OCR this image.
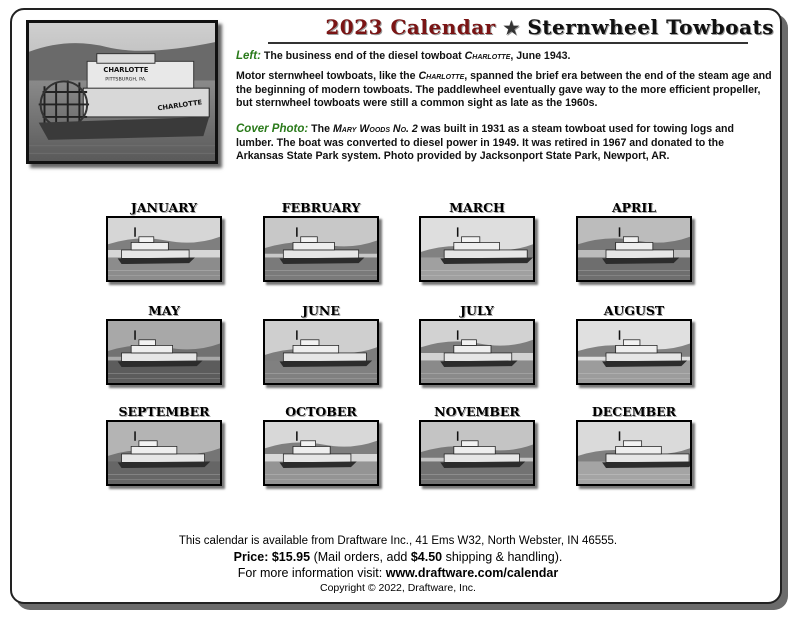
CHARLOTTE
PITTSBURGH, PA.
CHARLOTTE
2023 Calendar ★ Sternwheel Towboats
Left: The business end of the diesel towboat Charlotte, June 1943.
Motor sternwheel towboats, like the Charlotte, spanned the brief era between the end of the steam age and the beginning of modern towboats. The paddlewheel eventually gave way to the more efficient propeller, but sternwheel towboats were still a common sight as late as the 1960s.
Cover Photo: The Mary Woods No. 2 was built in 1931 as a steam towboat used for towing logs and lumber. The boat was converted to diesel power in 1949. It was retired in 1967 and donated to the Arkansas State Park system. Photo provided by Jacksonport State Park, Newport, AR.
JANUARY	FEBRUARY	MARCH	APRIL
MAY	JUNE	JULY	AUGUST
SEPTEMBER	OCTOBER	NOVEMBER	DECEMBER
This calendar is available from Draftware Inc., 41 Ems W32, North Webster, IN 46555.
Price: $15.95 (Mail orders, add $4.50 shipping & handling).
For more information visit: www.draftware.com/calendar
Copyright © 2022, Draftware, Inc.
